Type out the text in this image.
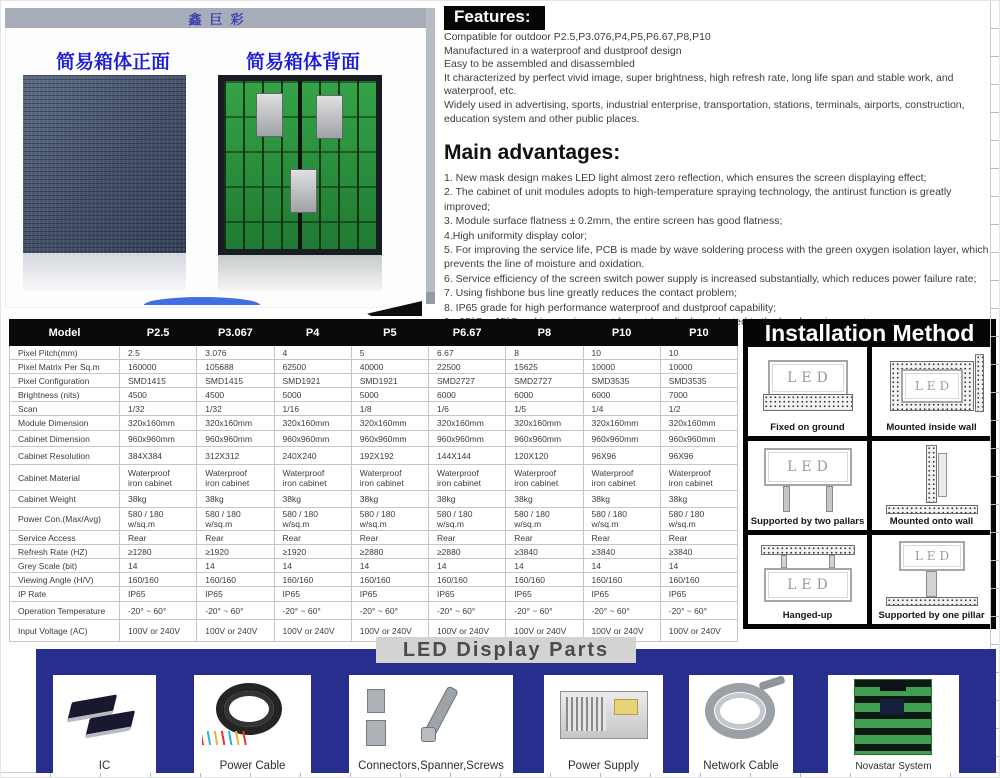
鑫巨彩
简易箱体正面	简易箱体背面
Features:
Compatible for outdoor P2.5,P3.076,P4,P5,P6.67,P8,P10
Manufactured in a waterproof and dustproof design
Easy to be assembled and disassembled
It characterized by perfect vivid image, super brightness, high refresh rate, long life span and stable work, and waterproof, etc.
Widely used in advertising, sports, industrial enterprise, transportation, stations, terminals, airports, construction, education system and other public places.
Main advantages:
1. New mask design makes LED light almost zero reflection, which ensures the screen displaying effect;
2. The cabinet of unit modules adopts to high-temperature spraying technology, the antirust function is greatly improved;
3. Module surface flatness ± 0.2mm, the entire screen has good flatness;
4.High uniformity display color;
5. For improving the service life, PCB is made by wave soldering process with the green oxygen isolation layer, which prevents the line of moisture and oxidation.
6. Service efficiency of the screen switch power supply is increased substantially, which reduces power failure rate;
7. Using fishbone bus line greatly reduces the contact problem;
8. IP65 grade for high performance waterproof and dustproof capability;
Model	P2.5	P3.067	P4	P5	P6.67	P8	P10	P10
Pixel Pitch(mm)	2.5	3.076	4	5	6.67	8	10	10
Pixel Matrix Per Sq.m	160000	105688	62500	40000	22500	15625	10000	10000
Pixel Configuration	SMD1415	SMD1415	SMD1921	SMD1921	SMD2727	SMD2727	SMD3535	SMD3535
Brightness (nits)	4500	4500	5000	5000	6000	6000	6000	7000
Scan	1/32	1/32	1/16	1/8	1/6	1/5	1/4	1/2
Module Dimension	320x160mm	320x160mm	320x160mm	320x160mm	320x160mm	320x160mm	320x160mm	320x160mm
Cabinet Dimension	960x960mm	960x960mm	960x960mm	960x960mm	960x960mm	960x960mm	960x960mm	960x960mm
Cabinet Resolution	384X384	312X312	240X240	192X192	144X144	120X120	96X96	96X96
Cabinet Material	Waterproof iron cabinet	Waterproof iron cabinet	Waterproof iron cabinet	Waterproof iron cabinet	Waterproof iron cabinet	Waterproof iron cabinet	Waterproof iron cabinet	Waterproof iron cabinet
Cabinet Weight	38kg	38kg	38kg	38kg	38kg	38kg	38kg	38kg
Power Con.(Max/Avg)	580 / 180 w/sq.m	580 / 180 w/sq.m	580 / 180 w/sq.m	580 / 180 w/sq.m	580 / 180 w/sq.m	580 / 180 w/sq.m	580 / 180 w/sq.m	580 / 180 w/sq.m
Service Access	Rear	Rear	Rear	Rear	Rear	Rear	Rear	Rear
Refresh Rate (HZ)	≥1280	≥1920	≥1920	≥2880	≥2880	≥3840	≥3840	≥3840
Grey Scale (bit)	14	14	14	14	14	14	14	14
Viewing Angle (H/V)	160/160	160/160	160/160	160/160	160/160	160/160	160/160	160/160
IP Rate	IP65	IP65	IP65	IP65	IP65	IP65	IP65	IP65
Operation Temperature	-20° ~ 60°	-20° ~ 60°	-20° ~ 60°	-20° ~ 60°	-20° ~ 60°	-20° ~ 60°	-20° ~ 60°	-20° ~ 60°
Input Voltage (AC)	100V or 240V	100V or 240V	100V or 240V	100V or 240V	100V or 240V	100V or 240V	100V or 240V	100V or 240V
Installation Method
LED
Fixed on ground
LED
Mounted inside wall
LED
Supported by two pallars	Mounted onto wall
LED
Hanged-up
LED
Supported by one pillar
LED Display Parts
IC	Power Cable	Connectors,Spanner,Screws	Power Supply	Network Cable	Novastar System
